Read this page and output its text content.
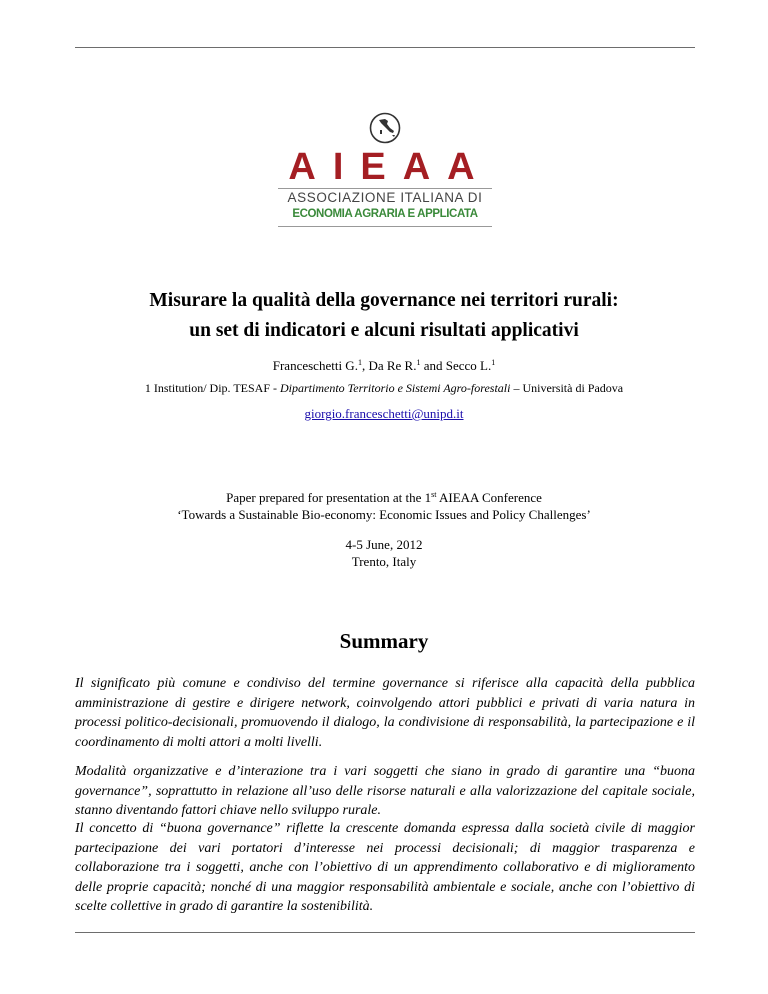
AIEAA
ASSOCIAZIONE ITALIANA DI
ECONOMIA AGRARIA E APPLICATA
Misurare la qualità della governance nei territori rurali:
un set di indicatori e alcuni risultati applicativi
Franceschetti G.$^1$, Da Re R.$^1$ and Secco L.$^1$
1 Institution/ Dip. TESAF - Dipartimento Territorio e Sistemi Agro-forestali – Università di Padova
giorgio.franceschetti@unipd.it
Paper prepared for presentation at the 1st AIEAA Conference
‘Towards a Sustainable Bio-economy: Economic Issues and Policy Challenges’
4-5 June, 2012
Trento, Italy
Summary

Il significato più comune e condiviso del termine governance si riferisce alla capacità della pubblica amministrazione di gestire e dirigere network, coinvolgendo attori pubblici e privati di varia natura in processi politico-decisionali, promuovendo il dialogo, la condivisione di responsabilità, la partecipazione e il coordinamento di molti attori a molti livelli.

Modalità organizzative e d’interazione tra i vari soggetti che siano in grado di garantire una “buona governance”, soprattutto in relazione all’uso delle risorse naturali e alla valorizzazione del capitale sociale, stanno diventando fattori chiave nello sviluppo rurale.

Il concetto di “buona governance” riflette la crescente domanda espressa dalla società civile di maggior partecipazione dei vari portatori d’interesse nei processi decisionali; di maggior trasparenza e collaborazione tra i soggetti, anche con l’obiettivo di un apprendimento collaborativo e di miglioramento delle proprie capacità; nonché di una maggior responsabilità ambientale e sociale, anche con l’obiettivo di scelte collettive in grado di garantire la sostenibilità.
